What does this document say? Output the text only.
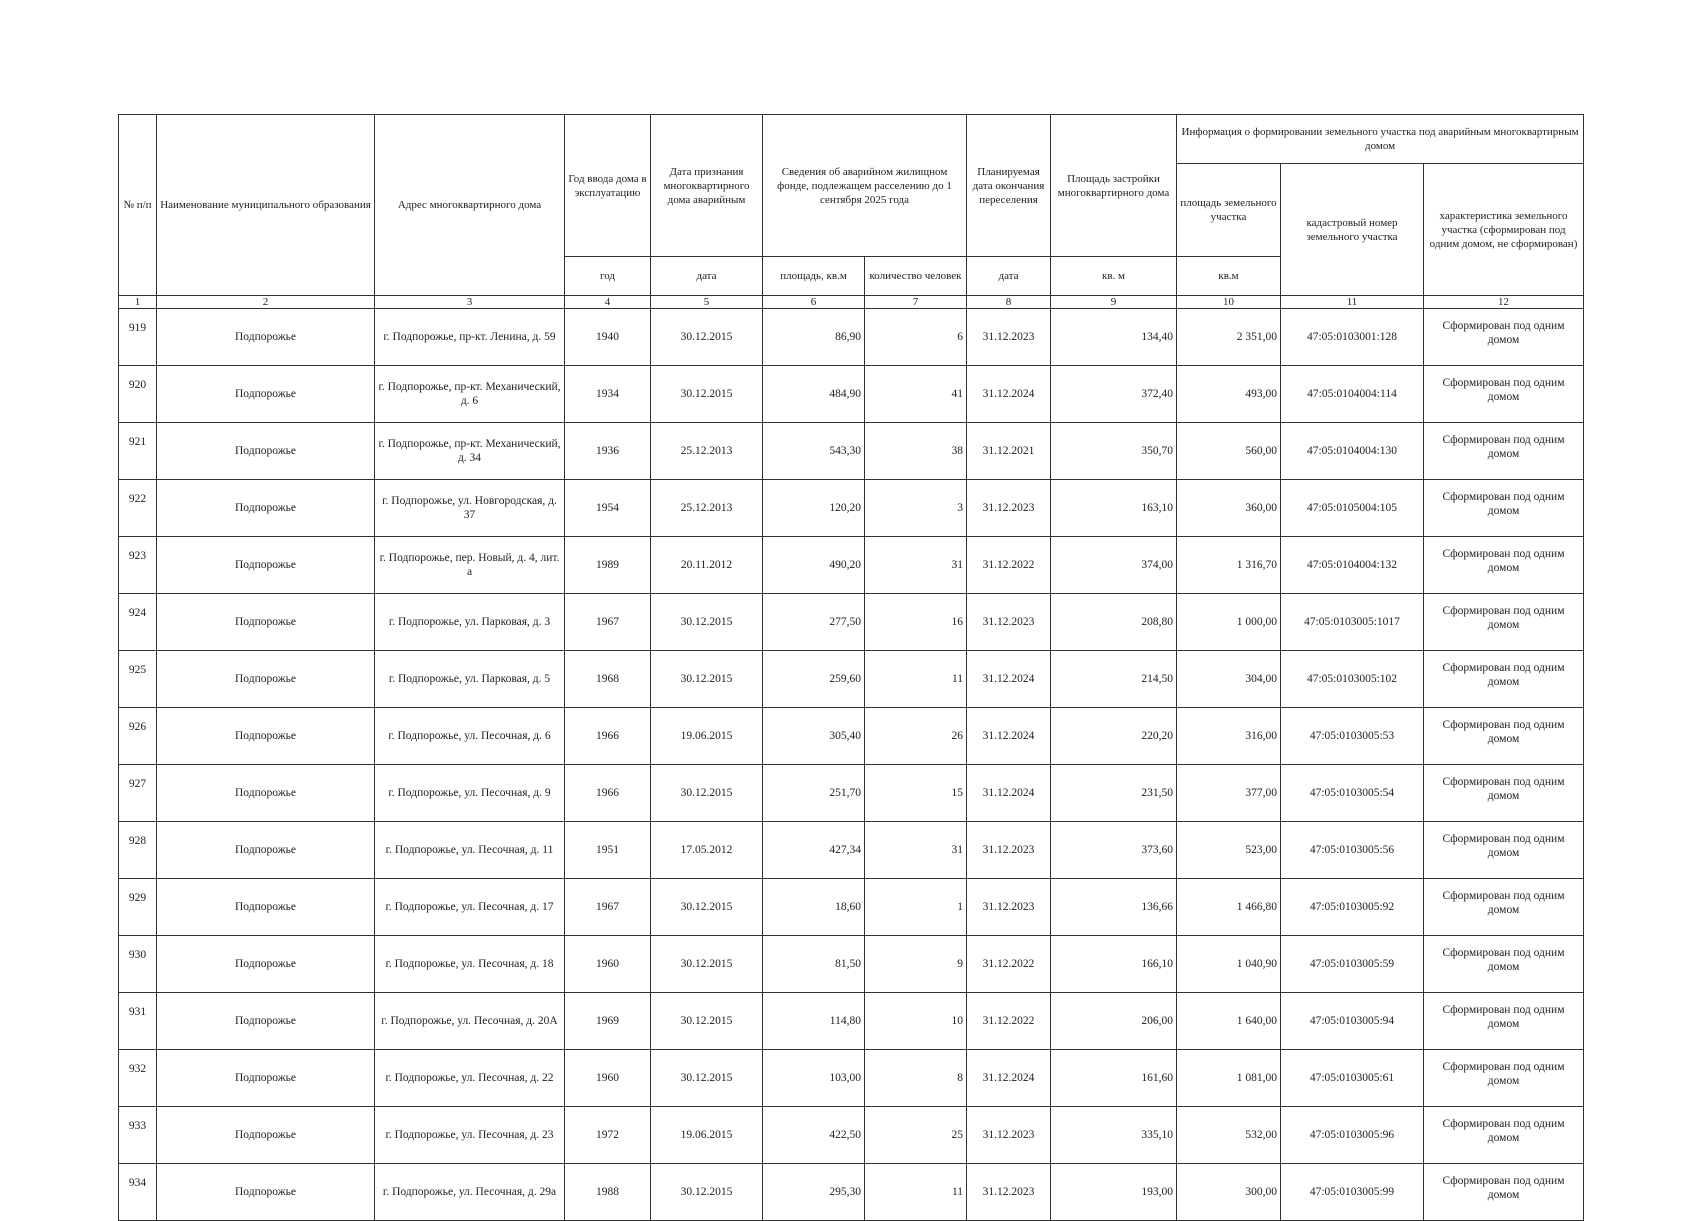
№ п/п	Наименование муниципального образования	Адрес многоквартирного дома	Год ввода дома в эксплуатацию	Дата признания многоквартирного дома аварийным	Сведения об аварийном жилищном фонде, подлежащем расселению до 1 сентября 2025 года		Планируемая дата окончания переселения	Площадь застройки многоквартирного дома	Информация о формировании земельного участка под аварийным многоквартирным домом		
									площадь земельного участка	кадастровый номер земельного участка	характеристика земельного участка (сформирован под одним домом, не сформирован)
			год	дата	площадь, кв.м	количество человек	дата	кв. м	кв.м		
1	2	3	4	5	6	7	8	9	10	11	12
919	Подпорожье	г. Подпорожье, пр-кт. Ленина, д. 59	1940	30.12.2015	86,90	6	31.12.2023	134,40	2 351,00	47:05:0103001:128	Сформирован под одним домом
920	Подпорожье	г. Подпорожье, пр-кт. Механический, д. 6	1934	30.12.2015	484,90	41	31.12.2024	372,40	493,00	47:05:0104004:114	Сформирован под одним домом
921	Подпорожье	г. Подпорожье, пр-кт. Механический, д. 34	1936	25.12.2013	543,30	38	31.12.2021	350,70	560,00	47:05:0104004:130	Сформирован под одним домом
922	Подпорожье	г. Подпорожье, ул. Новгородская, д. 37	1954	25.12.2013	120,20	3	31.12.2023	163,10	360,00	47:05:0105004:105	Сформирован под одним домом
923	Подпорожье	г. Подпорожье, пер. Новый, д. 4, лит. а	1989	20.11.2012	490,20	31	31.12.2022	374,00	1 316,70	47:05:0104004:132	Сформирован под одним домом
924	Подпорожье	г. Подпорожье, ул. Парковая, д. 3	1967	30.12.2015	277,50	16	31.12.2023	208,80	1 000,00	47:05:0103005:1017	Сформирован под одним домом
925	Подпорожье	г. Подпорожье, ул. Парковая, д. 5	1968	30.12.2015	259,60	11	31.12.2024	214,50	304,00	47:05:0103005:102	Сформирован под одним домом
926	Подпорожье	г. Подпорожье, ул. Песочная, д. 6	1966	19.06.2015	305,40	26	31.12.2024	220,20	316,00	47:05:0103005:53	Сформирован под одним домом
927	Подпорожье	г. Подпорожье, ул. Песочная, д. 9	1966	30.12.2015	251,70	15	31.12.2024	231,50	377,00	47:05:0103005:54	Сформирован под одним домом
928	Подпорожье	г. Подпорожье, ул. Песочная, д. 11	1951	17.05.2012	427,34	31	31.12.2023	373,60	523,00	47:05:0103005:56	Сформирован под одним домом
929	Подпорожье	г. Подпорожье, ул. Песочная, д. 17	1967	30.12.2015	18,60	1	31.12.2023	136,66	1 466,80	47:05:0103005:92	Сформирован под одним домом
930	Подпорожье	г. Подпорожье, ул. Песочная, д. 18	1960	30.12.2015	81,50	9	31.12.2022	166,10	1 040,90	47:05:0103005:59	Сформирован под одним домом
931	Подпорожье	г. Подпорожье, ул. Песочная, д. 20А	1969	30.12.2015	114,80	10	31.12.2022	206,00	1 640,00	47:05:0103005:94	Сформирован под одним домом
932	Подпорожье	г. Подпорожье, ул. Песочная, д. 22	1960	30.12.2015	103,00	8	31.12.2024	161,60	1 081,00	47:05:0103005:61	Сформирован под одним домом
933	Подпорожье	г. Подпорожье, ул. Песочная, д. 23	1972	19.06.2015	422,50	25	31.12.2023	335,10	532,00	47:05:0103005:96	Сформирован под одним домом
934	Подпорожье	г. Подпорожье, ул. Песочная, д. 29а	1988	30.12.2015	295,30	11	31.12.2023	193,00	300,00	47:05:0103005:99	Сформирован под одним домом
